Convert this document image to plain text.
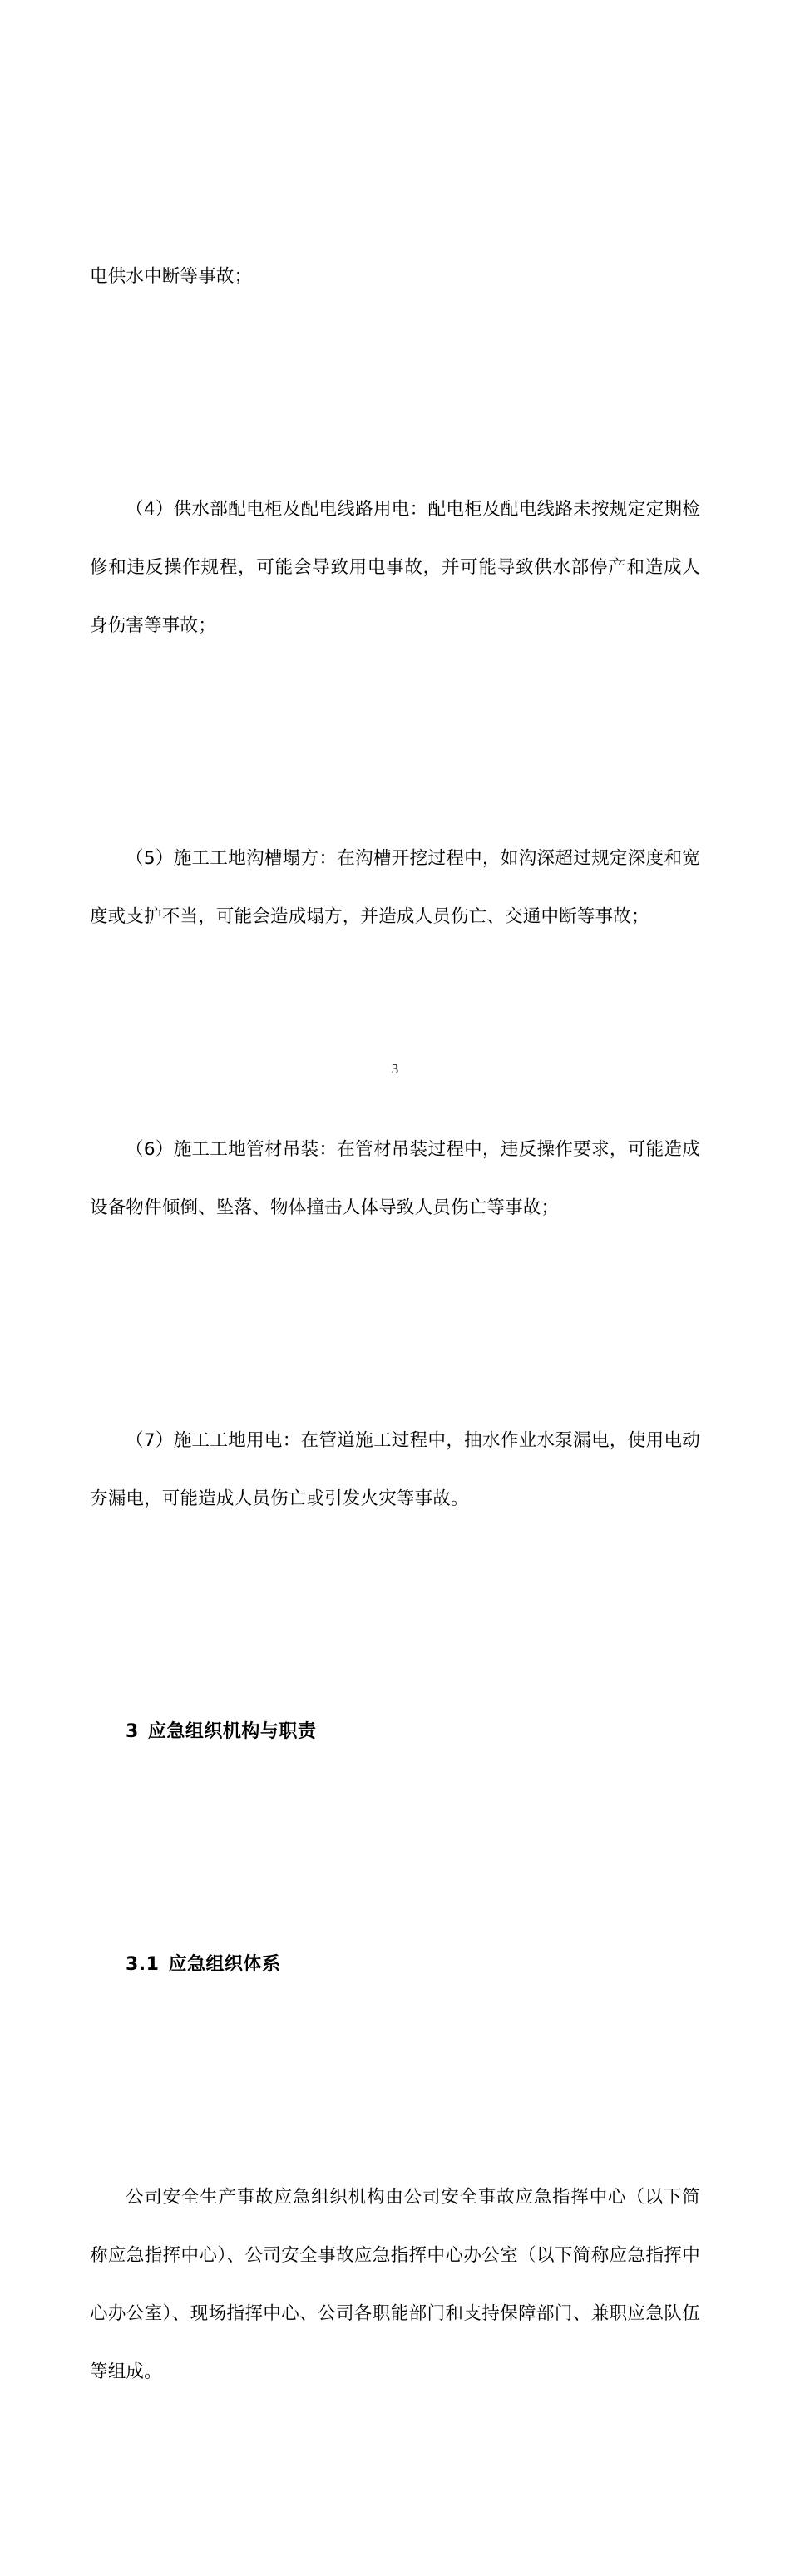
电供水中断等事故；

（4）供水部配电柜及配电线路用电：配电柜及配电线路未按规定定期检修和违反操作规程，可能会导致用电事故，并可能导致供水部停产和造成人身伤害等事故；

（5）施工工地沟槽塌方：在沟槽开挖过程中，如沟深超过规定深度和宽度或支护不当，可能会造成塌方，并造成人员伤亡、交通中断等事故；

（6）施工工地管材吊装：在管材吊装过程中，违反操作要求，可能造成设备物件倾倒、坠落、物体撞击人体导致人员伤亡等事故；

（7）施工工地用电：在管道施工过程中，抽水作业水泵漏电，使用电动夯漏电，可能造成人员伤亡或引发火灾等事故。

3 应急组织机构与职责

3.1 应急组织体系

公司安全生产事故应急组织机构由公司安全事故应急指挥中心（以下简称应急指挥中心）、公司安全事故应急指挥中心办公室（以下简称应急指挥中心办公室）、现场指挥中心、公司各职能部门和支持保障部门、兼职应急队伍等组成。

3
